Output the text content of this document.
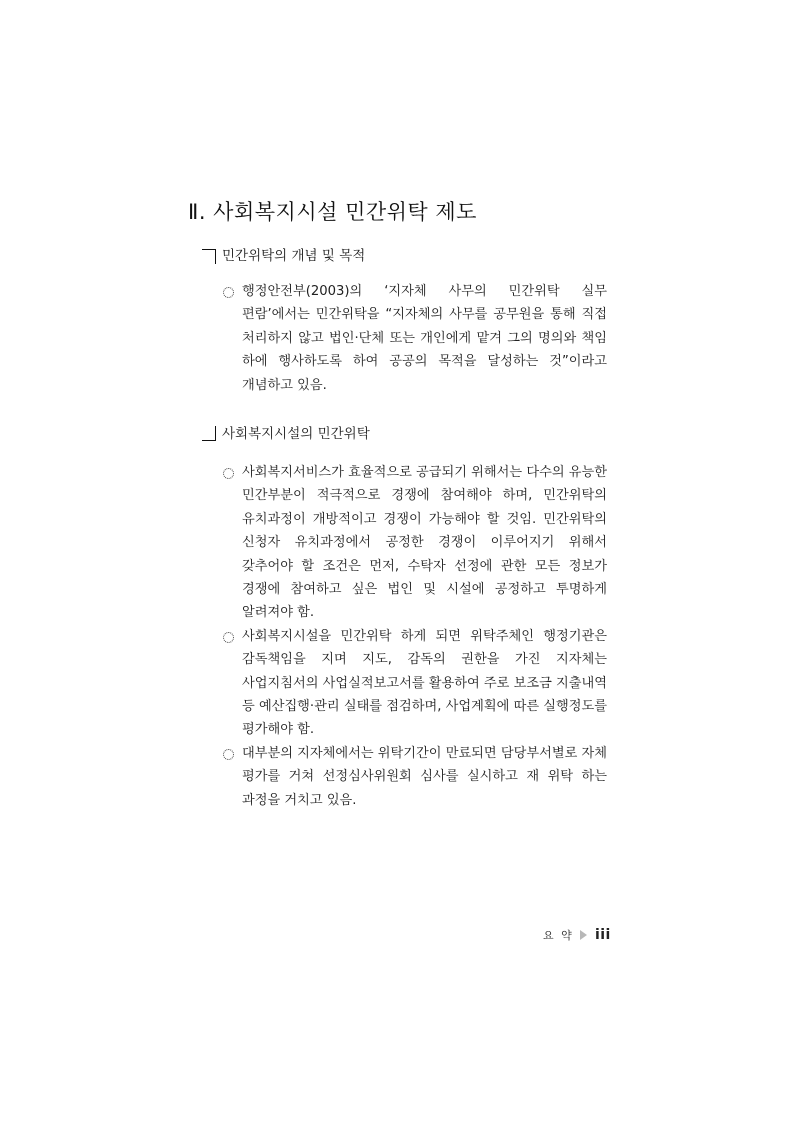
Ⅱ. 사회복지시설 민간위탁 제도
민간위탁의 개념 및 목적
행정안전부(2003)의 ‘지자체 사무의 민간위탁 실무 편람’에서는 민간위탁을 “지자체의 사무를 공무원을 통해 직접 처리하지 않고 법인·단체 또는 개인에게 맡겨 그의 명의와 책임 하에 행사하도록 하여 공공의 목적을 달성하는 것”이라고 개념하고 있음.
사회복지시설의 민간위탁
사회복지서비스가 효율적으로 공급되기 위해서는 다수의 유능한 민간부분이 적극적으로 경쟁에 참여해야 하며, 민간위탁의 유치과정이 개방적이고 경쟁이 가능해야 할 것임. 민간위탁의 신청자 유치과정에서 공정한 경쟁이 이루어지기 위해서 갖추어야 할 조건은 먼저, 수탁자 선정에 관한 모든 정보가 경쟁에 참여하고 싶은 법인 및 시설에 공정하고 투명하게 알려져야 함.
사회복지시설을 민간위탁 하게 되면 위탁주체인 행정기관은 감독책임을 지며 지도, 감독의 권한을 가진 지자체는 사업지침서의 사업실적보고서를 활용하여 주로 보조금 지출내역 등 예산집행·관리 실태를 점검하며, 사업계획에 따른 실행정도를 평가해야 함.
대부분의 지자체에서는 위탁기간이 만료되면 담당부서별로 자체 평가를 거쳐 선정심사위원회 심사를 실시하고 재 위탁 하는 과정을 거치고 있음.
요 약 iii
